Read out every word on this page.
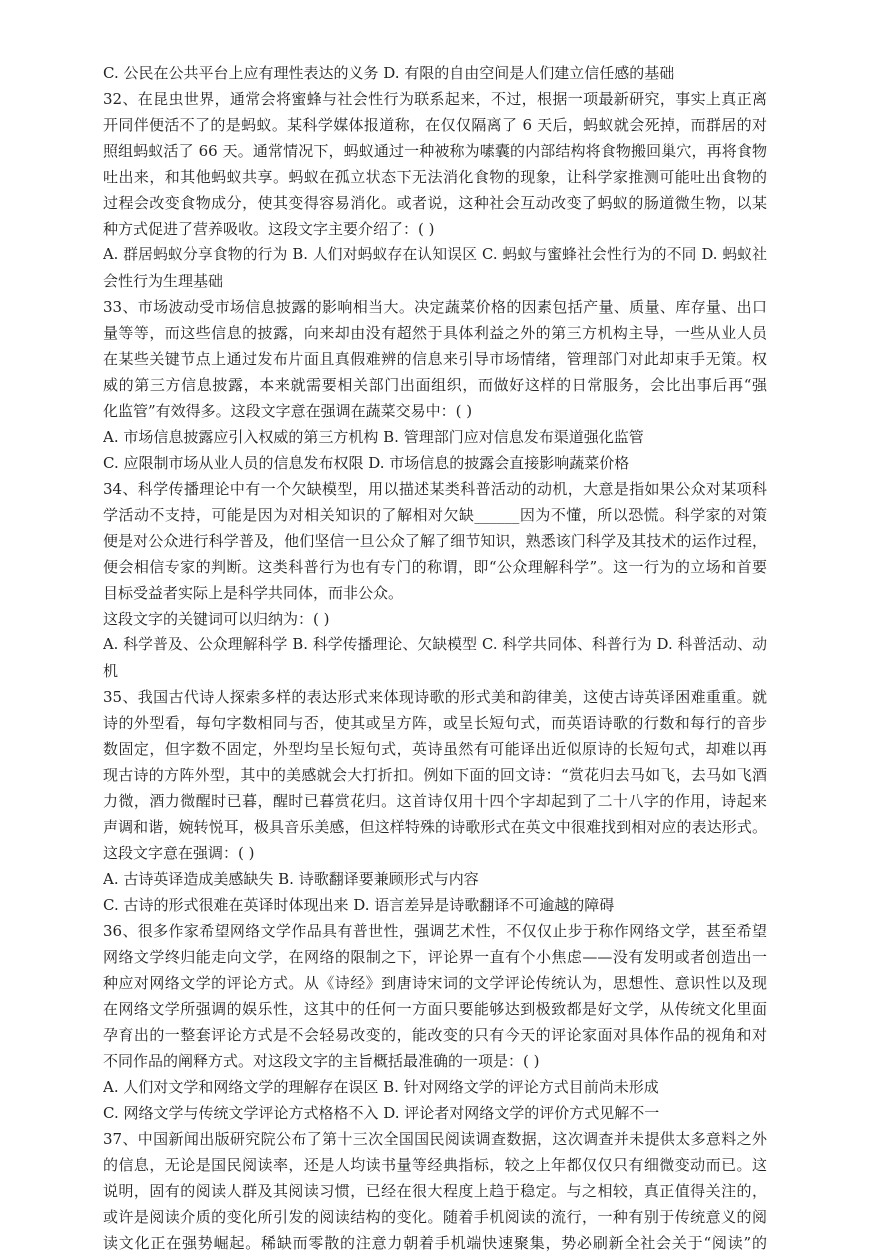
C. 公民在公共平台上应有理性表达的义务 D. 有限的自由空间是人们建立信任感的基础
32、在昆虫世界，通常会将蜜蜂与社会性行为联系起来，不过，根据一项最新研究，事实上真正离
开同伴便活不了的是蚂蚁。某科学媒体报道称，在仅仅隔离了 6 天后，蚂蚁就会死掉，而群居的对
照组蚂蚁活了 66 天。通常情况下，蚂蚁通过一种被称为嗉囊的内部结构将食物搬回巢穴，再将食物
吐出来，和其他蚂蚁共享。蚂蚁在孤立状态下无法消化食物的现象，让科学家推测可能吐出食物的
过程会改变食物成分，使其变得容易消化。或者说，这种社会互动改变了蚂蚁的肠道微生物，以某
种方式促进了营养吸收。这段文字主要介绍了：( )
A. 群居蚂蚁分享食物的行为 B. 人们对蚂蚁存在认知误区 C. 蚂蚁与蜜蜂社会性行为的不同 D. 蚂蚁社
会性行为生理基础
33、市场波动受市场信息披露的影响相当大。决定蔬菜价格的因素包括产量、质量、库存量、出口
量等等，而这些信息的披露，向来却由没有超然于具体利益之外的第三方机构主导，一些从业人员
在某些关键节点上通过发布片面且真假难辨的信息来引导市场情绪，管理部门对此却束手无策。权
威的第三方信息披露，本来就需要相关部门出面组织，而做好这样的日常服务，会比出事后再“强
化监管”有效得多。这段文字意在强调在蔬菜交易中：( )
A. 市场信息披露应引入权威的第三方机构 B. 管理部门应对信息发布渠道强化监管
C. 应限制市场从业人员的信息发布权限 D. 市场信息的披露会直接影响蔬菜价格
34、科学传播理论中有一个欠缺模型，用以描述某类科普活动的动机，大意是指如果公众对某项科
学活动不支持，可能是因为对相关知识的了解相对欠缺______因为不懂，所以恐慌。科学家的对策
便是对公众进行科学普及，他们坚信一旦公众了解了细节知识，熟悉该门科学及其技术的运作过程，
便会相信专家的判断。这类科普行为也有专门的称谓，即“公众理解科学”。这一行为的立场和首要
目标受益者实际上是科学共同体，而非公众。
这段文字的关键词可以归纳为：( )
A. 科学普及、公众理解科学 B. 科学传播理论、欠缺模型 C. 科学共同体、科普行为 D. 科普活动、动
机
35、我国古代诗人探索多样的表达形式来体现诗歌的形式美和韵律美，这使古诗英译困难重重。就
诗的外型看，每句字数相同与否，使其或呈方阵，或呈长短句式，而英语诗歌的行数和每行的音步
数固定，但字数不固定，外型均呈长短句式，英诗虽然有可能译出近似原诗的长短句式，却难以再
现古诗的方阵外型，其中的美感就会大打折扣。例如下面的回文诗：“赏花归去马如飞，去马如飞酒
力微，酒力微醒时已暮，醒时已暮赏花归。这首诗仅用十四个字却起到了二十八字的作用，诗起来
声调和谐，婉转悦耳，极具音乐美感，但这样特殊的诗歌形式在英文中很难找到相对应的表达形式。
这段文字意在强调：( )
A. 古诗英译造成美感缺失 B. 诗歌翻译要兼顾形式与内容
C. 古诗的形式很难在英译时体现出来 D. 语言差异是诗歌翻译不可逾越的障碍
36、很多作家希望网络文学作品具有普世性，强调艺术性，不仅仅止步于称作网络文学，甚至希望
网络文学终归能走向文学，在网络的限制之下，评论界一直有个小焦虑——没有发明或者创造出一
种应对网络文学的评论方式。从《诗经》到唐诗宋词的文学评论传统认为，思想性、意识性以及现
在网络文学所强调的娱乐性，这其中的任何一方面只要能够达到极致都是好文学，从传统文化里面
孕育出的一整套评论方式是不会轻易改变的，能改变的只有今天的评论家面对具体作品的视角和对
不同作品的阐释方式。对这段文字的主旨概括最准确的一项是：( )
A. 人们对文学和网络文学的理解存在误区 B. 针对网络文学的评论方式目前尚未形成
C. 网络文学与传统文学评论方式格格不入 D. 评论者对网络文学的评价方式见解不一
37、中国新闻出版研究院公布了第十三次全国国民阅读调查数据，这次调查并未提供太多意料之外
的信息，无论是国民阅读率，还是人均读书量等经典指标，较之上年都仅仅只有细微变动而已。这
说明，固有的阅读人群及其阅读习惯，已经在很大程度上趋于稳定。与之相较，真正值得关注的，
或许是阅读介质的变化所引发的阅读结构的变化。随着手机阅读的流行，一种有别于传统意义的阅
读文化正在强势崛起。稀缺而零散的注意力朝着手机端快速聚集，势必刷新全社会关于“阅读”的
